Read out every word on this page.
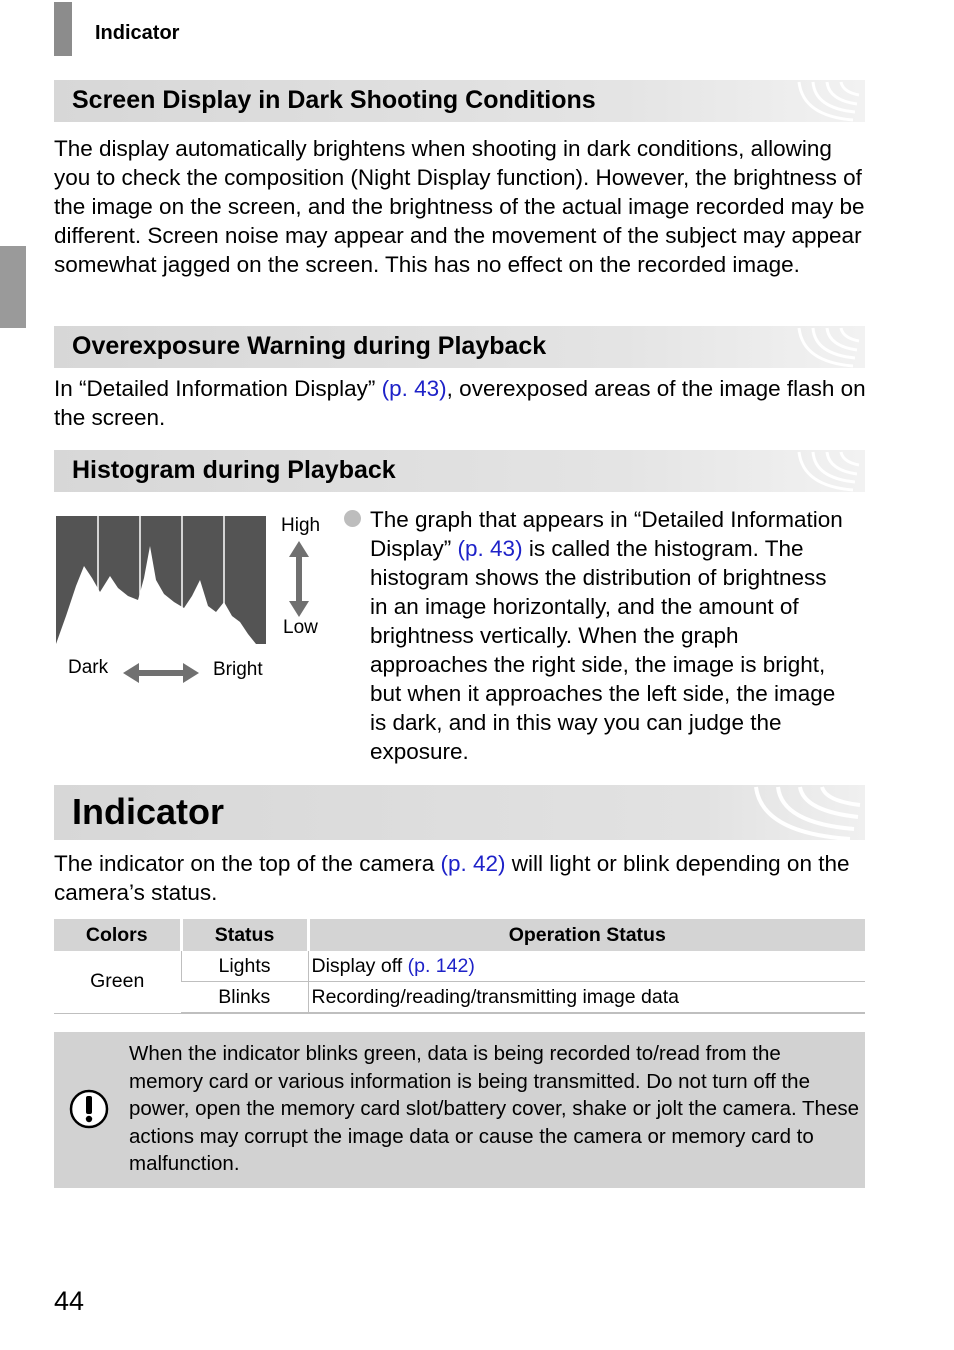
Indicator
Screen Display in Dark Shooting Conditions
The display automatically brightens when shooting in dark conditions, allowing you to check the composition (Night Display function). However, the brightness of the image on the screen, and the brightness of the actual image recorded may be different. Screen noise may appear and the movement of the subject may appear somewhat jagged on the screen. This has no effect on the recorded image.
Overexposure Warning during Playback
In “Detailed Information Display” (p. 43), overexposed areas of the image flash on the screen.
Histogram during Playback
High
Low
Dark	Bright
The graph that appears in “Detailed Information Display” (p. 43) is called the histogram. The histogram shows the distribution of brightness in an image horizontally, and the amount of brightness vertically. When the graph approaches the right side, the image is bright, but when it approaches the left side, the image is dark, and in this way you can judge the exposure.
Indicator
The indicator on the top of the camera (p. 42) will light or blink depending on the camera’s status.
Colors	Status	Operation Status
Green	Lights	Display off (p. 142)
	Blinks	Recording/reading/transmitting image data
When the indicator blinks green, data is being recorded to/read from the memory card or various information is being transmitted. Do not turn off the power, open the memory card slot/battery cover, shake or jolt the camera. These actions may corrupt the image data or cause the camera or memory card to malfunction.
44
